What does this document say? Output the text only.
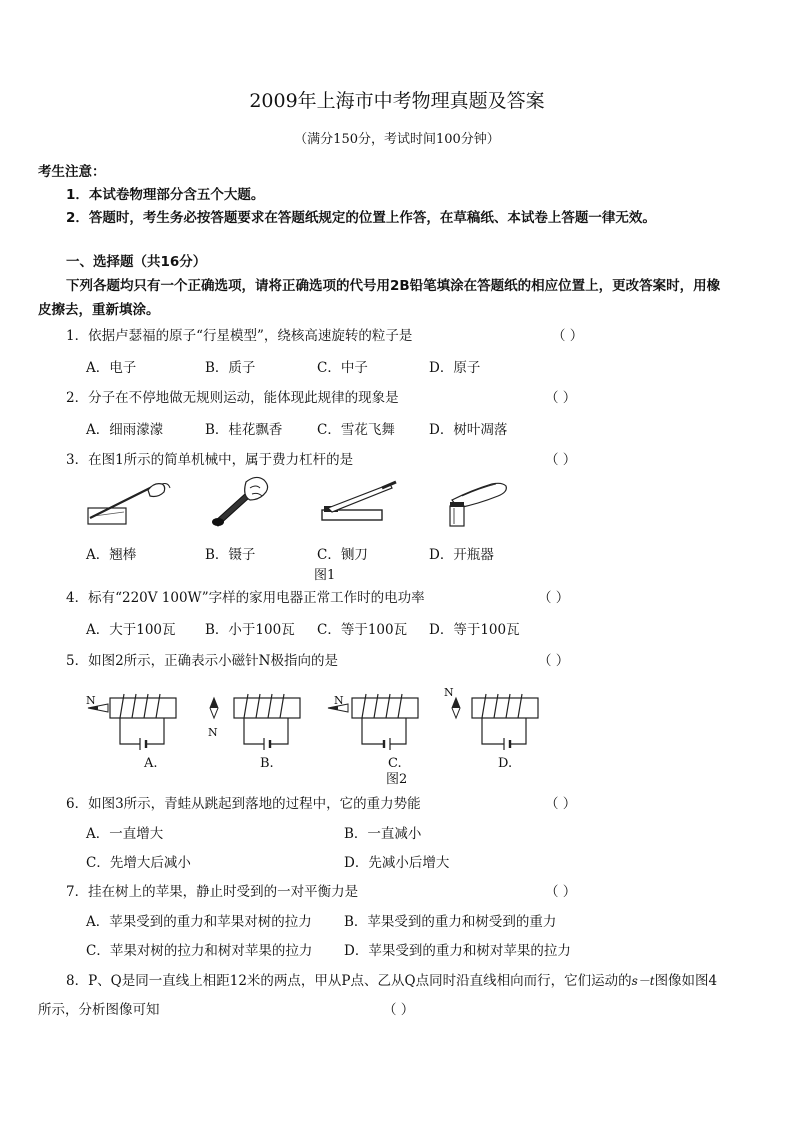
2009年上海市中考物理真题及答案
（满分150分，考试时间100分钟）
考生注意：
1．本试卷物理部分含五个大题。
2．答题时，考生务必按答题要求在答题纸规定的位置上作答，在草稿纸、本试卷上答题一律无效。
一、选择题（共16分）
下列各题均只有一个正确选项，请将正确选项的代号用2B铅笔填涂在答题纸的相应位置上，更改答案时，用橡
皮擦去，重新填涂。
1．依据卢瑟福的原子“行星模型”，绕核高速旋转的粒子是	（ ）
A．电子	B．质子	C．中子	D．原子
2．分子在不停地做无规则运动，能体现此规律的现象是	（ ）
A．细雨濛濛	B．桂花飘香	C．雪花飞舞	D．树叶凋落
3．在图1所示的简单机械中，属于费力杠杆的是	（ ）
A．翘棒	B．镊子	C．铡刀	D．开瓶器
图1
4．标有“220V 100W”字样的家用电器正常工作时的电功率	（ ）
A．大于100瓦 B．小于100瓦 C．等于100瓦 D．等于100瓦
5．如图2所示，正确表示小磁针N极指向的是	（ ）
N
A.
N
B.
N
C.
图2
N
D.
6．如图3所示，青蛙从跳起到落地的过程中，它的重力势能	（ ）
A．一直增大	B．一直减小
C．先增大后减小	D．先减小后增大
7．挂在树上的苹果，静止时受到的一对平衡力是	（ ）
A．苹果受到的重力和苹果对树的拉力 B．苹果受到的重力和树受到的重力
C．苹果对树的拉力和树对苹果的拉力 D．苹果受到的重力和树对苹果的拉力
8．P、Q是同一直线上相距12米的两点，甲从P点、乙从Q点同时沿直线相向而行，它们运动的s－t图像如图4
所示，分析图像可知	（ ）
